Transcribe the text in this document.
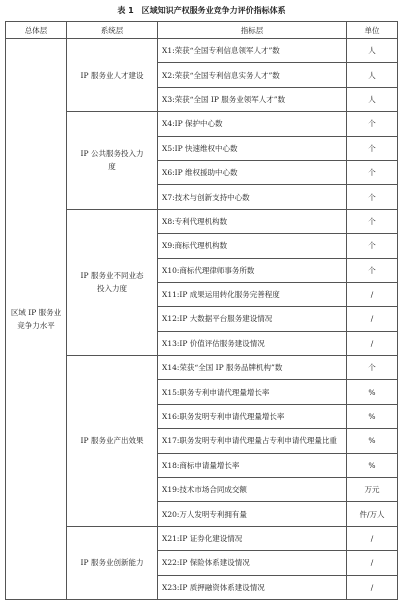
表 1　区域知识产权服务业竞争力评价指标体系
总体层	系统层	指标层	单位
区域 IP 服务业竞争力水平	IP 服务业人才建设	X1:荣获“全国专利信息领军人才”数	人
		X2:荣获“全国专利信息实务人才”数	人
		X3:荣获“全国 IP 服务业领军人才”数	人
	IP 公共服务投入力度	X4:IP 保护中心数	个
		X5:IP 快速维权中心数	个
		X6:IP 维权援助中心数	个
		X7:技术与创新支持中心数	个
	IP 服务业不同业态投入力度	X8:专利代理机构数	个
		X9:商标代理机构数	个
		X10:商标代理律师事务所数	个
		X11:IP 成果运用转化服务完善程度	/
		X12:IP 大数据平台服务建设情况	/
		X13:IP 价值评估服务建设情况	/
	IP 服务业产出效果	X14:荣获“全国 IP 服务品牌机构”数	个
		X15:职务专利申请代理量增长率	%
		X16:职务发明专利申请代理量增长率	%
		X17:职务发明专利申请代理量占专利申请代理量比重	%
		X18:商标申请量增长率	%
		X19:技术市场合同成交额	万元
		X20:万人发明专利拥有量	件/万人
	IP 服务业创新能力	X21:IP 证券化建设情况	/
		X22:IP 保险体系建设情况	/
		X23:IP 质押融资体系建设情况	/
